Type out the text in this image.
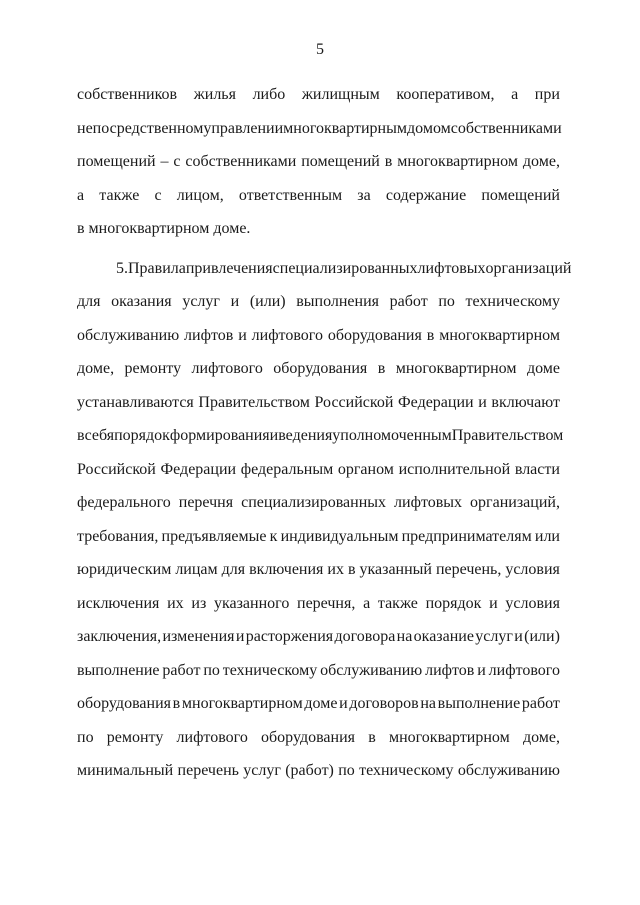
5
собственников жилья либо жилищным кооперативом, а при
непосредственном управлении многоквартирным домом собственниками
помещений – с собственниками помещений в многоквартирном доме,
а также с лицом, ответственным за содержание помещений
в многоквартирном доме.
5. Правила привлечения специализированных лифтовых организаций
для оказания услуг и (или) выполнения работ по техническому
обслуживанию лифтов и лифтового оборудования в многоквартирном
доме, ремонту лифтового оборудования в многоквартирном доме
устанавливаются Правительством Российской Федерации и включают
в себя порядок формирования и ведения уполномоченным Правительством
Российской Федерации федеральным органом исполнительной власти
федерального перечня специализированных лифтовых организаций,
требования, предъявляемые к индивидуальным предпринимателям или
юридическим лицам для включения их в указанный перечень, условия
исключения их из указанного перечня, а также порядок и условия
заключения, изменения и расторжения договора на оказание услуг и (или)
выполнение работ по техническому обслуживанию лифтов и лифтового
оборудования в многоквартирном доме и договоров на выполнение работ
по ремонту лифтового оборудования в многоквартирном доме,
минимальный перечень услуг (работ) по техническому обслуживанию
